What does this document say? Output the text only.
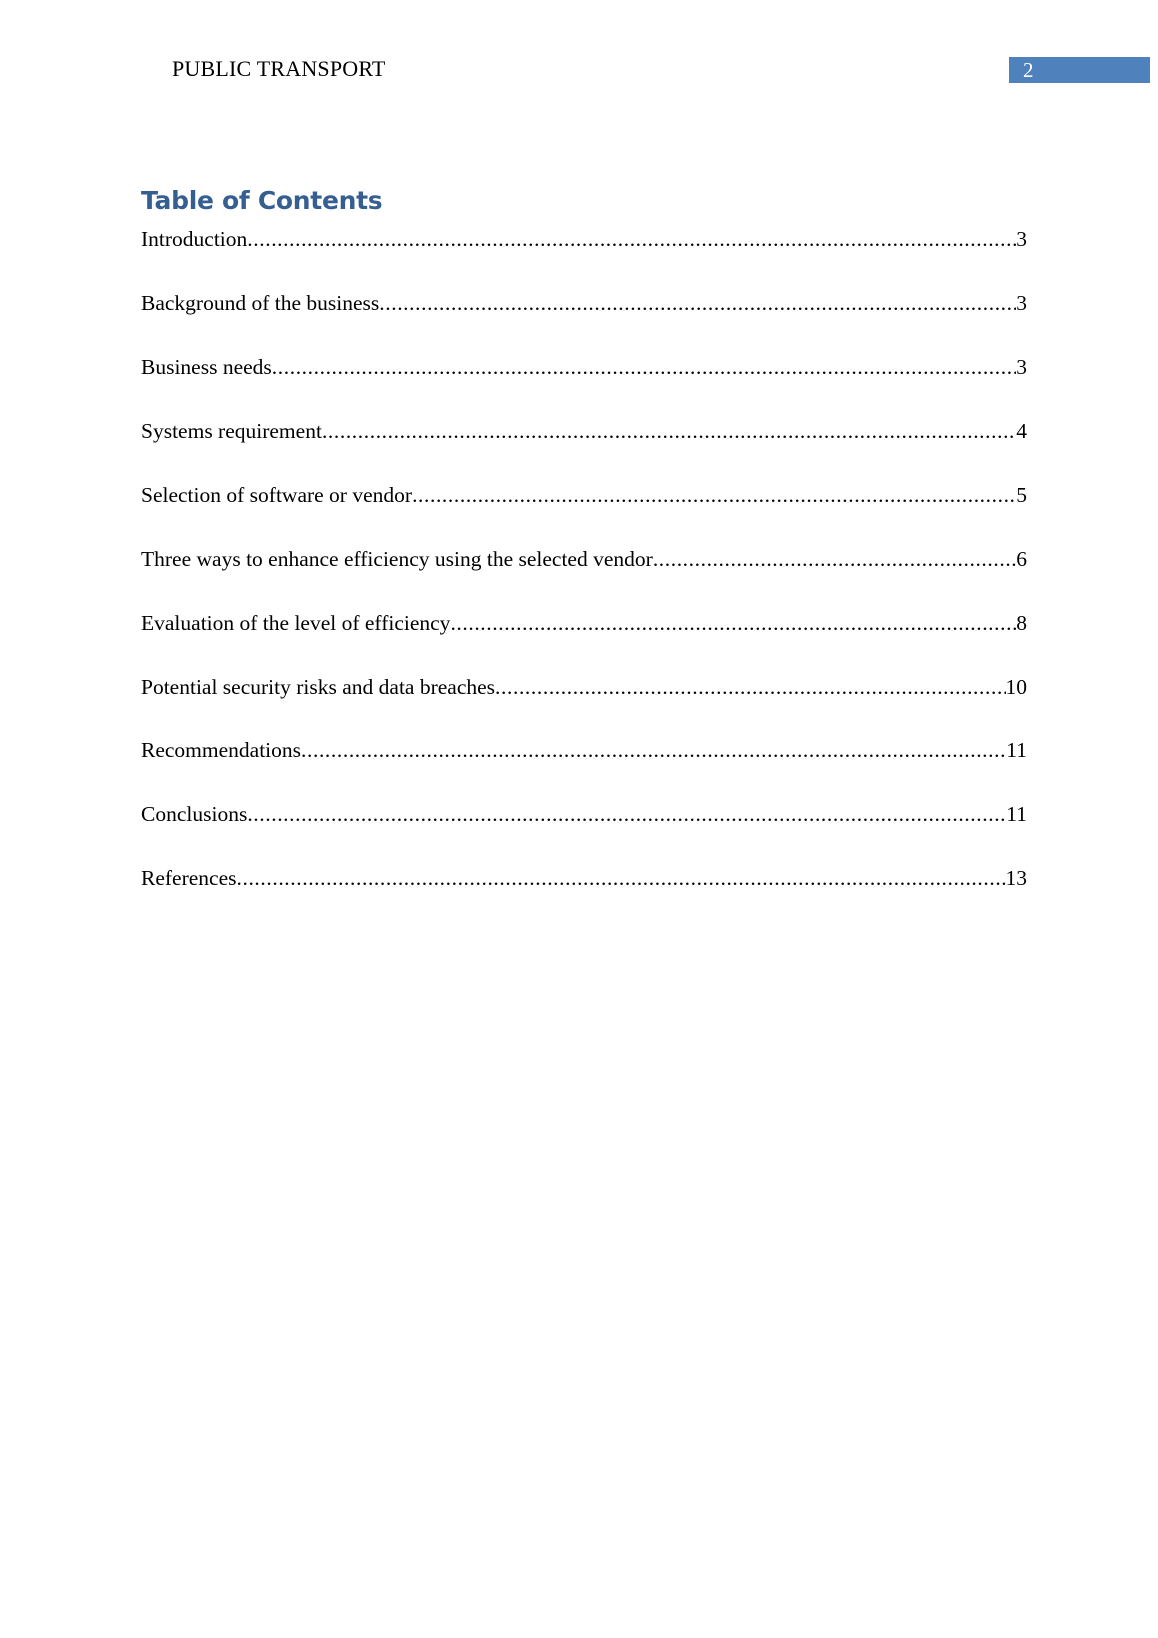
PUBLIC TRANSPORT	2
Table of Contents
Introduction .....	3
Background of the business .....	3
Business needs .....	3
Systems requirement .....	4
Selection of software or vendor .....	5
Three ways to enhance efficiency using the selected vendor .....	6
Evaluation of the level of efficiency .....	8
Potential security risks and data breaches .....	10
Recommendations .....	11
Conclusions .....	11
References .....	13
